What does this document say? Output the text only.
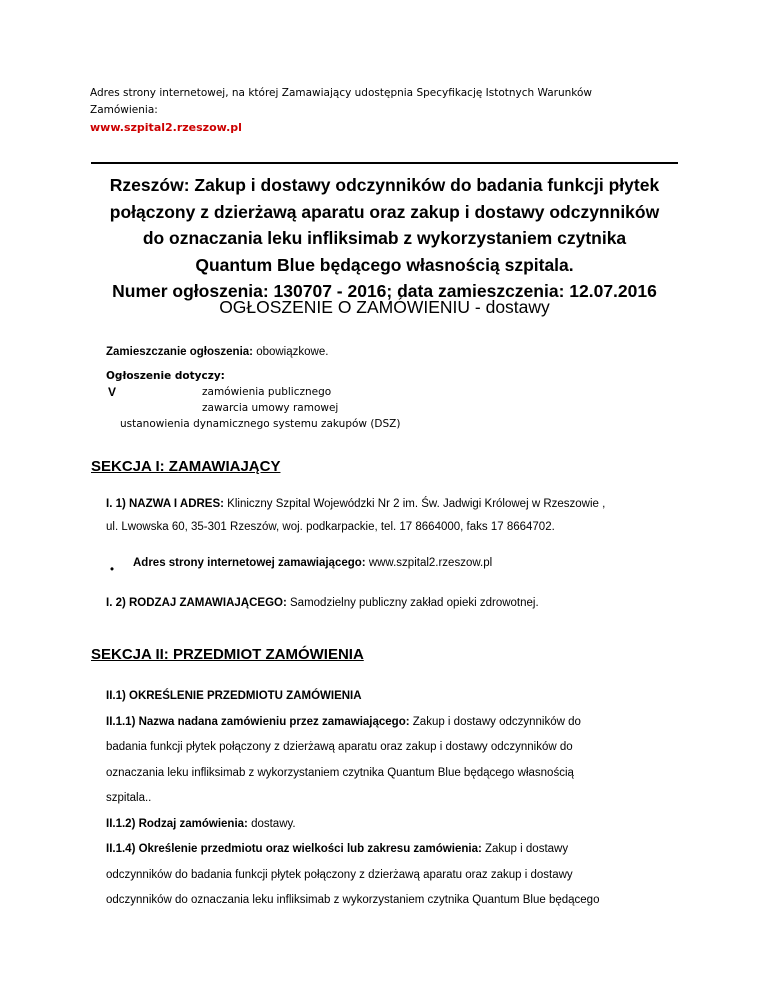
Adres strony internetowej, na której Zamawiający udostępnia Specyfikację Istotnych Warunków
Zamówienia:
www.szpital2.rzeszow.pl
Rzeszów: Zakup i dostawy odczynników do badania funkcji płytek
połączony z dzierżawą aparatu oraz zakup i dostawy odczynników
do oznaczania leku infliksimab z wykorzystaniem czytnika
Quantum Blue będącego własnością szpitala.
Numer ogłoszenia: 130707 - 2016; data zamieszczenia: 12.07.2016
OGŁOSZENIE O ZAMÓWIENIU - dostawy
Zamieszczanie ogłoszenia: obowiązkowe.
Ogłoszenie dotyczy:
V	zamówienia publicznego
zawarcia umowy ramowej
ustanowienia dynamicznego systemu zakupów (DSZ)
SEKCJA I: ZAMAWIAJĄCY
I. 1) NAZWA I ADRES: Kliniczny Szpital Wojewódzki Nr 2 im. Św. Jadwigi Królowej w Rzeszowie ,
ul. Lwowska 60, 35-301 Rzeszów, woj. podkarpackie, tel. 17 8664000, faks 17 8664702.
•
Adres strony internetowej zamawiającego: www.szpital2.rzeszow.pl
I. 2) RODZAJ ZAMAWIAJĄCEGO: Samodzielny publiczny zakład opieki zdrowotnej.
SEKCJA II: PRZEDMIOT ZAMÓWIENIA

II.1) OKREŚLENIE PRZEDMIOTU ZAMÓWIENIA

II.1.1) Nazwa nadana zamówieniu przez zamawiającego: Zakup i dostawy odczynników do

badania funkcji płytek połączony z dzierżawą aparatu oraz zakup i dostawy odczynników do

oznaczania leku infliksimab z wykorzystaniem czytnika Quantum Blue będącego własnością

szpitala..

II.1.2) Rodzaj zamówienia: dostawy.

II.1.4) Określenie przedmiotu oraz wielkości lub zakresu zamówienia: Zakup i dostawy

odczynników do badania funkcji płytek połączony z dzierżawą aparatu oraz zakup i dostawy

odczynników do oznaczania leku infliksimab z wykorzystaniem czytnika Quantum Blue będącego
